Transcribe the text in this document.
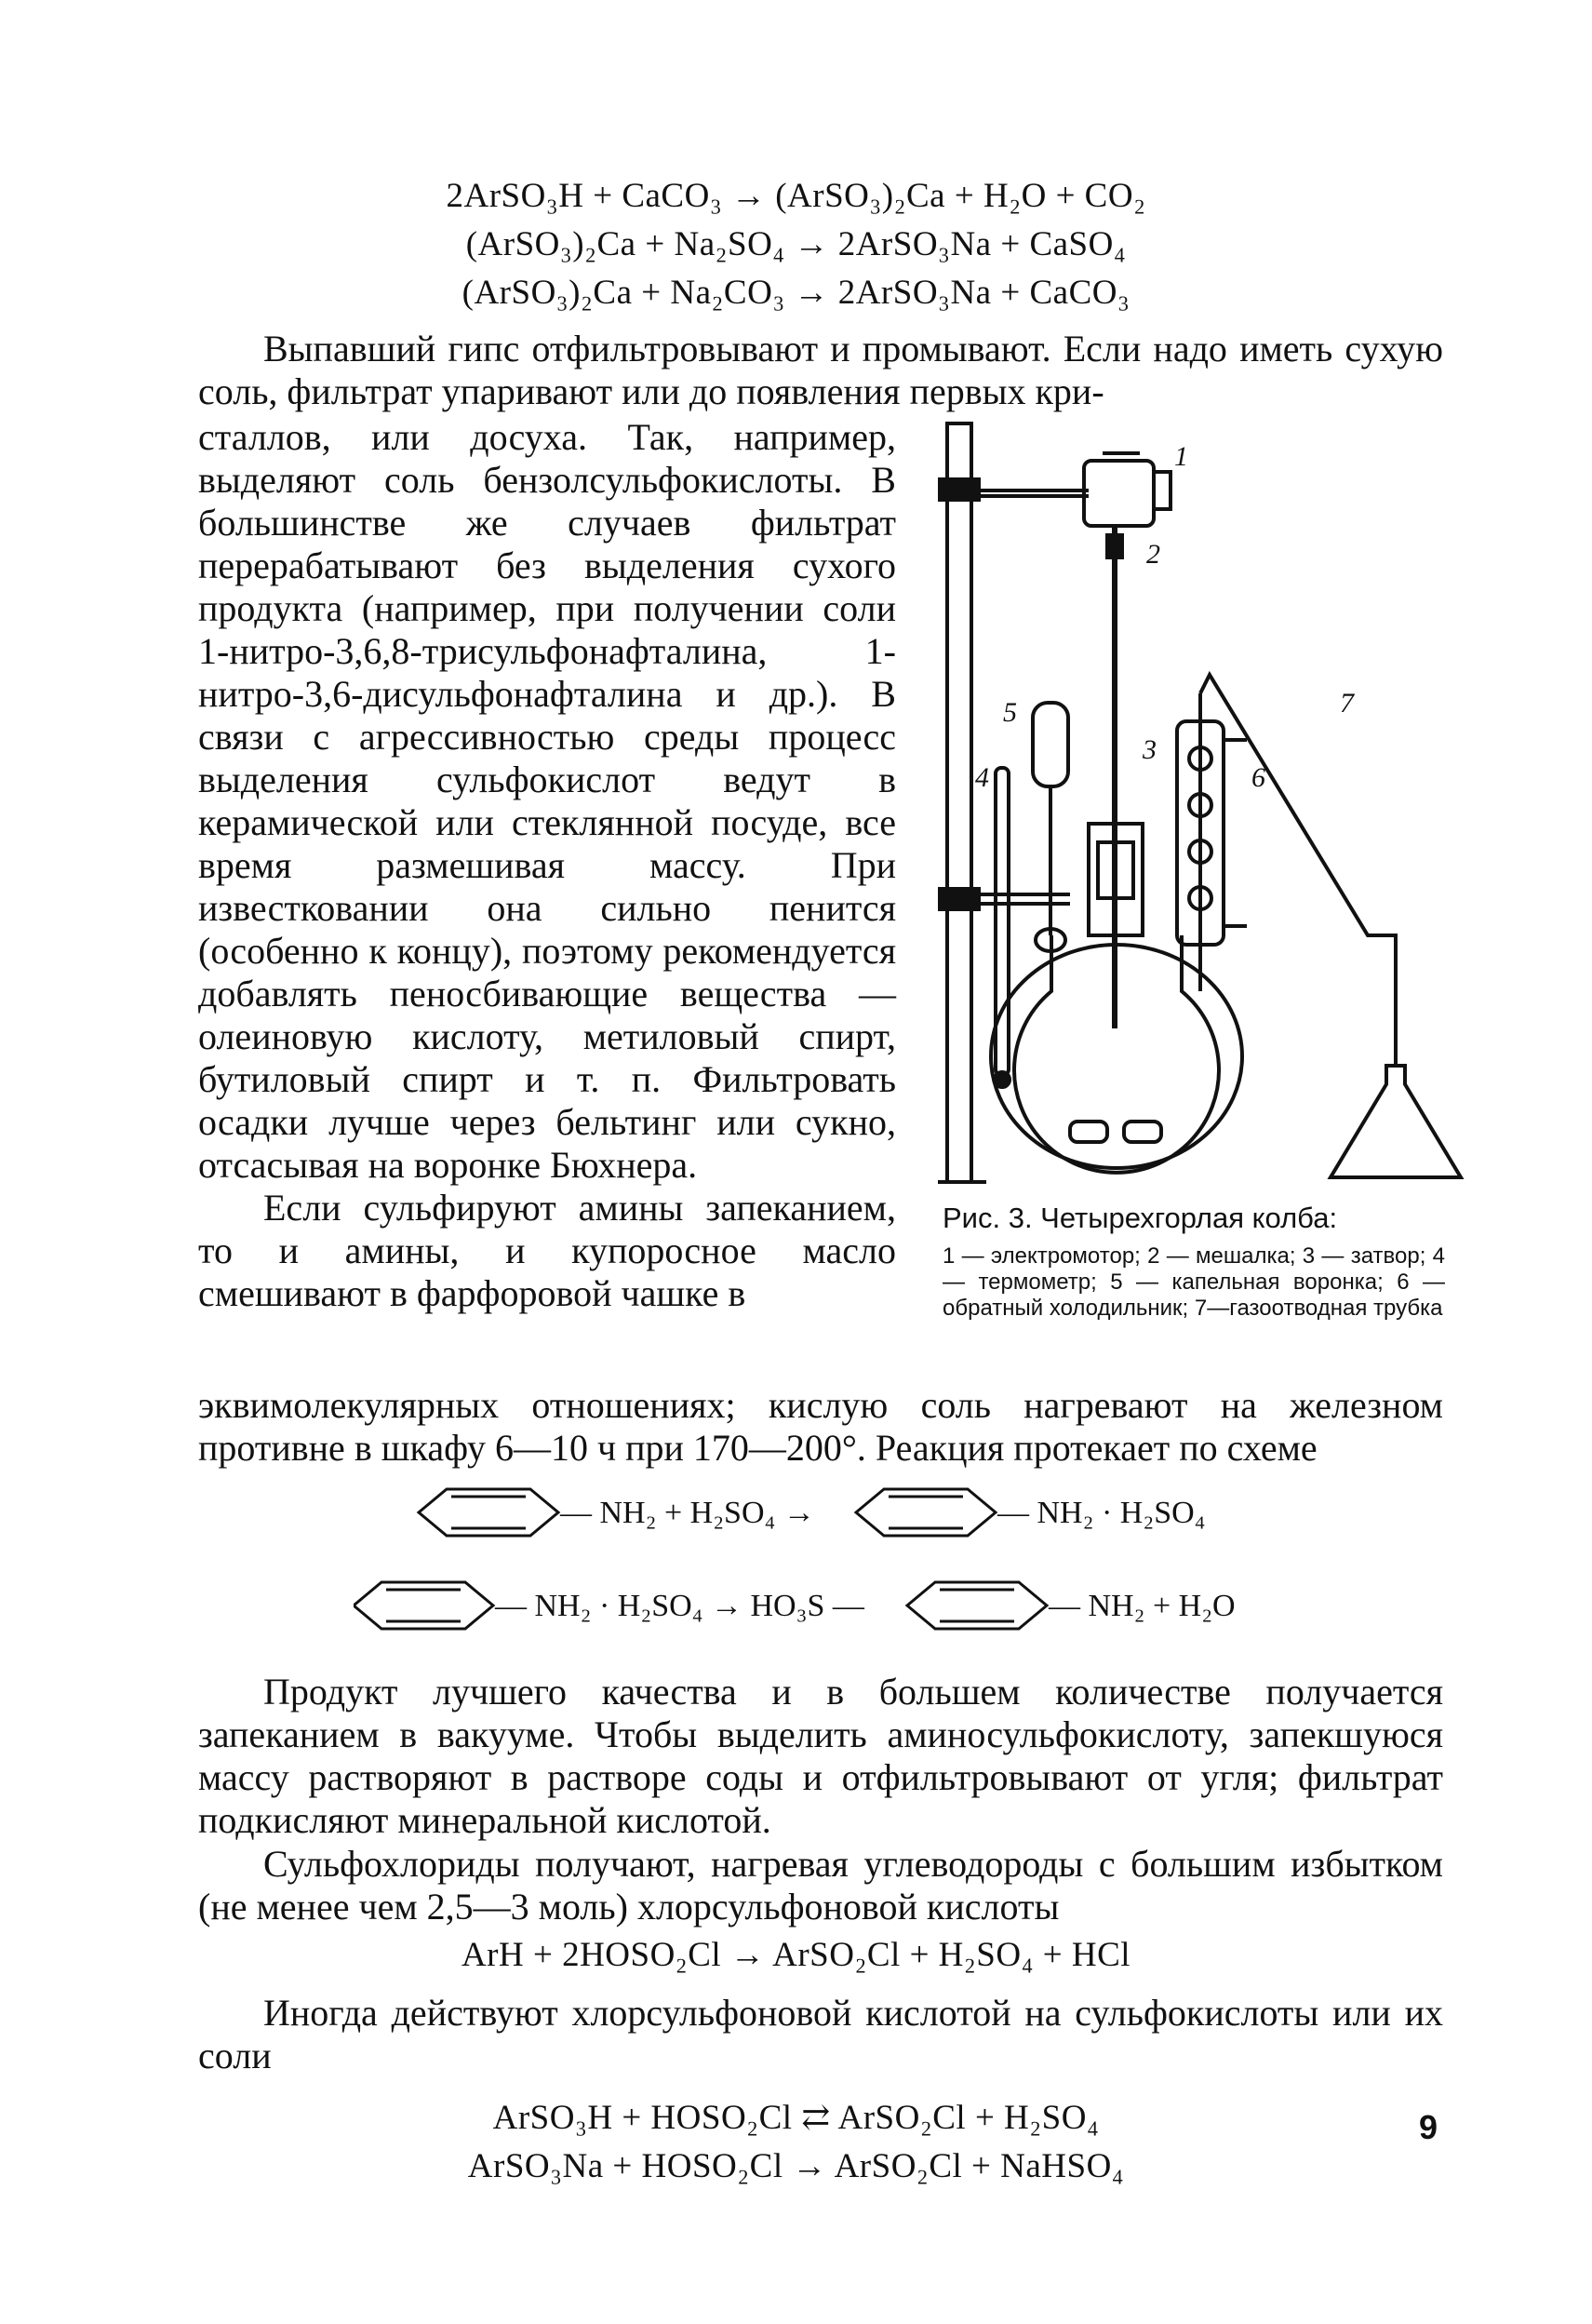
2ArSO₃H + CaCO₃ → (ArSO₃)₂Ca + H₂O + CO₂
(ArSO₃)₂Ca + Na₂SO₄ → 2ArSO₃Na + CaSO₄
(ArSO₃)₂Ca + Na₂CO₃ → 2ArSO₃Na + CaCO₃
Выпавший гипс отфильтровывают и промывают. Если надо иметь сухую соль, фильтрат упаривают или до появления первых кри-

сталлов, или досуха. Так, например, выделяют соль бензолсульфокислоты. В большинстве же случаев фильтрат перерабатывают без выделения сухого продукта (например, при получении соли 1-нитро-3,6,8-трисульфонафталина, 1-нитро-3,6-дисульфонафталина и др.). В связи с агрессивностью среды процесс выделения сульфокислот ведут в керамической или стеклянной посуде, все время размешивая массу. При известковании она сильно пенится (особенно к концу), поэтому рекомендуется добавлять пеносбивающие вещества — олеиновую кислоту, метиловый спирт, бутиловый спирт и т. п. Фильтровать осадки лучше через бельтинг или сукно, отсасывая на воронке Бюхнера.

Если сульфируют амины запеканием, то и амины, и купоросное масло смешивают в фарфоровой чашке в

1
2
3
4
5
6
7
Рис. 3. Четырехгорлая колба:
1 — электромотор; 2 — мешалка; 3 — затвор; 4 — термометр; 5 — капельная воронка; 6 — обратный холодильник; 7—газоотводная трубка
эквимолекулярных отношениях; кислую соль нагревают на железном противне в шкафу 6—10 ч при 170—200°. Реакция протекает по схеме
— NH₂ + H₂SO₄ →	— NH₂ · H₂SO₄
— NH₂ · H₂SO₄ → HO₃S —	— NH₂ + H₂O
Продукт лучшего качества и в большем количестве получается запеканием в вакууме. Чтобы выделить аминосульфокислоту, запекшуюся массу растворяют в растворе соды и отфильтровывают от угля; фильтрат подкисляют минеральной кислотой.
Сульфохлориды получают, нагревая углеводороды с большим избытком (не менее чем 2,5—3 моль) хлорсульфоновой кислоты
ArH + 2HOSO₂Cl → ArSO₂Cl + H₂SO₄ + HCl
Иногда действуют хлорсульфоновой кислотой на сульфокислоты или их соли
ArSO₃H + HOSO₂Cl ⇄ ArSO₂Cl + H₂SO₄
ArSO₃Na + HOSO₂Cl → ArSO₂Cl + NaHSO₄
9
